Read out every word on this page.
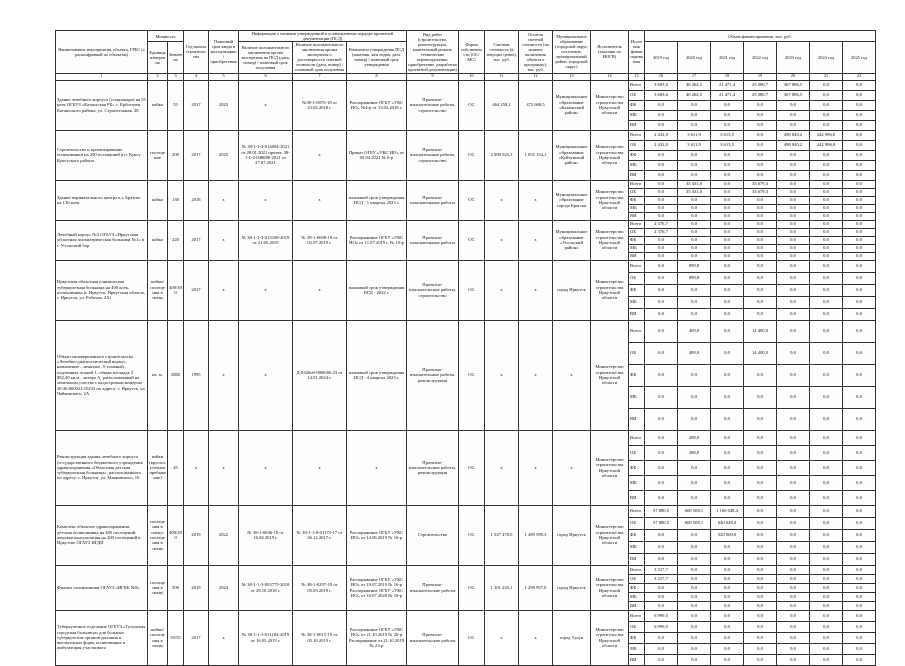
Наименование мероприятия, объекта, ГРБС (с расшифровкой по объектам)	Мощность		Год начала строительства	Плановый срок ввода в эксплуатацию / приобретения	Информация о наличии утвержденной в установленном порядке проектной документации (ПСД)			Вид работ (строительство, реконструкция, капитальный ремонт, технические перевооружение, приобретение, разработка проектной документации)	Форма собственности (ОС/МС)	Сметная стоимость (в текущих ценах), тыс. руб.	Остаток сметной стоимости (на момент включения объекта в программу), тыс. руб.	Муниципальное образование (городской округ, поселение, муниципальный район, городской округ)	Исполнитель (заказчик по ИОГВ)	Источник финансирования	Объем финансирования, тыс. руб.						
	Единица измерения	Значение			Наличие положительного заключения органа экспертизы на ПСД (дата, номер) / плановый срок получения	Наличие положительного заключения органа экспертизы о достоверности сметной стоимости (дата, номер) / плановый срок получения	Реквизиты утверждения ПСД (заказчик, кем издан, дата, номер) / плановый срок утверждения								2019 год	2020 год	2021 год	2022 год	2023 год	2024 год	2025 год

1	2	3	4	5	6	7	8	9	10	11	12	13	14	15	16	17	18	19	20	21	22
Здание лечебного корпуса (стационара) на 55 коек ОГБУЗ «Катангская РБ» с. Ербогачен Катангского района, ул. Строительная, 28	койка	55	2017	2023	х	№38-1-0070-18 от 23.02.2018 г.	Распоряжение ОГБУ «УКС ИО» №4-р от 13.02.2018 г.	Проектно-изыскательные работы, строительство	ОС	464 258,1	472 668,5	Муниципальное образование «Катангский район»	Министерство строительства Иркутской области	Всего	3 603,6	40 264,5	21 471,4	25 380,7	367 886,5	0,0	0,0
														ОБ	3 603,6	40 264,5	21 471,4	25 380,7	367 886,5	0,0	0,0
														ФБ	0,0	0,0	0,0	0,0	0,0	0,0	0,0
														МБ	0,0	0,0	0,0	0,0	0,0	0,0	0,0
														ВИ	0,0	0,0	0,0	0,0	0,0	0,0	0,0
Строительство и проектирование поликлиники на 200 посещений в п. Кунгу Кунгуского района	посещение	200	2017	2025	№ 38-1-1-3-014004-2021 от 28.01.2021 проект, 38-1-1-2-048088-2021 от 27.07.2021	х	Приказ ОГБУ «УКС ИО» от 05.04.2021 № 6-р	Проектно-изыскательные работы, строительство	ОС	2 090 525,2	1 055 154,1	Муниципальное образование «Куйтунский район»	Министерство строительства Иркутской области	Всего	2 432,0	3 611,9	3 613,5	0,0	498 840,2	242 996,0	0,0
														ОБ	2 432,0	3 611,9	3 613,5	0,0	498 840,2	242 996,0	0,0
														ФБ	0,0	0,0	0,0	0,0	0,0	0,0	0,0
														МБ	0,0	0,0	0,0	0,0	0,0	0,0	0,0
														ВИ	0,0	0,0	0,0	0,0	0,0	0,0	0,0
Здание перинатального центра в г. Братске на 130 коек	койка	130	2018	х	х	х	плановый срок утверждения ПСД - 1 квартал 2023 г.	Проектно-изыскательные работы	ОС	х	х	Муниципальное образование города Братска	Министерство строительства Иркутской области	Всего	0,0	35 431,0	0,0	33 679,3	0,0	0,0	0,0
														ОБ	0,0	35 431,0	0,0	33 679,3	0,0	0,0	0,0
														ФБ	0,0	0,0	0,0	0,0	0,0	0,0	0,0
														МБ	0,0	0,0	0,0	0,0	0,0	0,0	0,0
														ВИ	0,0	0,0	0,0	0,0	0,0	0,0	0,0
Лечебный корпус №3 ОГБУЗ «Иркутская областная психиатрическая больница №1» в г. Усольский бор	койка	220	2017	х	№ 38-1-1-3-013108-2019 от 21.05.2019	№ 38-1-0008-19 от 02.07.2019 г.	Распоряжение ОГБУ «УКС ИО» от 11.07.2019 г. № 10-р	Проектно-изыскательные работы	ОС	х	х	Муниципальное образование «Усольский район»	Министерство строительства Иркутской области	Всего	2 376,7	0,0	0,0	0,0	0,0	0,0	0,0
														ОБ	2 376,7	0,0	0,0	0,0	0,0	0,0	0,0
														ФБ	0,0	0,0	0,0	0,0	0,0	0,0	0,0
														МБ	0,0	0,0	0,0	0,0	0,0	0,0	0,0
														ВИ	0,0	0,0	0,0	0,0	0,0	0,0	0,0
Иркутская областная клиническая туберкулезная больница на 400 коек, поликлиника (г. Иркутск, Иркутская область, г. Иркутск, ул. Рабочая, 2А)	койки/посещения в смену	400/300	2017	х	х	х	плановый срок утверждения ПСД - 2022 г.	Проектно-изыскательские работы, строительство	ОС	х	х	город Иркутск	Министерство строительства Иркутской области	Всего	0,0	899,8	0,0	0,0	0,0	0,0	0,0
														ОБ	0,0	899,8	0,0	0,0	0,0	0,0	0,0
														ФБ	0,0	0,0	0,0	0,0	0,0	0,0	0,0
														МБ	0,0	0,0	0,0	0,0	0,0	0,0	0,0
														ВИ	0,0	0,0	0,0	0,0	0,0	0,0	0,0
Объект незавершенного строительства «Лечебно-диагностический корпус, назначение – нежилое, 5-этажный, подземных этажей 1, общая площадь 3 882,40 кв.м., литера А, расположенный на земельном участке с кадастровым номером 38:36:000022:10233 по адресу: г. Иркутск, ул. Чайковского, 2А	кв. м.	3882	1995	х	х	Д-0320об-0006/06.23 от 14.01.2024 г.	плановый срок утверждения ПСД - 4 квартал 2023 г.	Проектно-изыскательные работы, реконструкция	ОС	х	х	х	Министерство строительства Иркутской области	Всего	0,0	409,0	0,0	14 400,0	0,0	0,0	0,0
														ОБ	0,0	409,0	0,0	14 400,0	0,0	0,0	0,0
														ФБ	0,0	0,0	0,0	0,0	0,0	0,0	0,0
														МБ	0,0	0,0	0,0	0,0	0,0	0,0	0,0
														ВИ	0,0	0,0	0,0	0,0	0,0	0,0	0,0
Реконструкция здания лечебного корпуса (государственного бюджетного учреждения здравоохранения «Областная детская туберкулезная больница», расположенного по адресу: г. Иркутск, ул. Маяковского, 16	койки (круглосуточное пребывание)	45	х	х	х	х	х	Проектно-изыскательские работы, реконструкция	ОС	х	х	х	Министерство строительства Иркутской области	Всего	0,0	288,0	0,0	0,0	0,0	0,0	0,0
														ОБ	0,0	288,0	0,0	0,0	0,0	0,0	0,0
														ФБ	0,0	0,0	0,0	0,0	0,0	0,0	0,0
														МБ	0,0	0,0	0,0	0,0	0,0	0,0	0,0
														ВИ	0,0	0,0	0,0	0,0	0,0	0,0	0,0
Комплекс объектов здравоохранения: детская поликлиника на 400 посещений, женская консультация на 200 посещений в Иркутске ОГАУЗ ИГДП	посещения в смену; посещения в смену	400/200	2019	2022	№ 38-1-0046-18 от 16.04.2019 г.	№ 38-1-1-0-01173-17 от 26.12.2017 г.	Распоряжение ОГБУ «УКС ИО» от 14.06.2019 № 16-р	Строительство	ОС	1 547 478,0	1 489 599,3	город Иркутск	Министерство строительства Иркутской области	Всего	57 880,5	600 508,1	1 160 048,4	0,0	0,0	0,0	0,0
														ОБ	57 880,5	600 508,1	640 048,4	0,0	0,0	0,0	0,0
														ФБ	0,0	0,0	520 000,0	0,0	0,0	0,0	0,0
														МБ	0,0	0,0	0,0	0,0	0,0	0,0	0,0
														ВИ	0,0	0,0	0,0	0,0	0,0	0,0	0,0
Филиал поликлиники ОГАУЗ «ИГКБ №8»	посещения в смену	500	2019	2024	№ 38-1-1-3-003775-2018 от 28.10.2018 г.	№ 38-1-0297-19 от 05.03.2019 г.	Распоряжение ОГБУ «УКС ИО» от 19.07.2019 № 16-р Распоряжение ОГБУ «УКС ИО» от 10.07.2020 № 10-р	Проектно-изыскательские работы	ОС	1 301 233,1	1 299 957,8	город Иркутск	Министерство строительства Иркутской области	Всего	3 317,7	0,0	0,0	0,0	0,0	0,0	0,0
														ОБ	3 317,7	0,0	0,0	0,0	0,0	0,0	0,0
														ФБ	0,0	0,0	0,0	0,0	0,0	0,0	0,0
														МБ	0,0	0,0	0,0	0,0	0,0	0,0	0,0
														ВИ	0,0	0,0	0,0	0,0	0,0	0,0	0,0
Туберкулезное отделение ОГБУЗ «Тулунская городская больница» для больных туберкулезом органов дыхания и внелегочных форм, поликлиника и амбулатория участкового	койки/посещения в смену	50/55	2017	х	№ 38-1-1-3-011184-2019 от 16.05.2019 г.	№ 38-1-0015-19 от 05.10.2019 г.	Распоряжение ОГБУ «УКС ИО» от 21.10.2019 № 26-р Распоряжение от 21.10.2019 № 23-р	Проектно-изыскательские работы	ОС	х	х	город Тулун	Министерство строительства Иркутской области	Всего	6 999,5	0,0	0,0	0,0	0,0	0,0	0,0
														ОБ	6 999,5	0,0	0,0	0,0	0,0	0,0	0,0
														ФБ	0,0	0,0	0,0	0,0	0,0	0,0	0,0
														МБ	0,0	0,0	0,0	0,0	0,0	0,0	0,0
														ВИ	0,0	0,0	0,0	0,0	0,0	0,0	0,0
